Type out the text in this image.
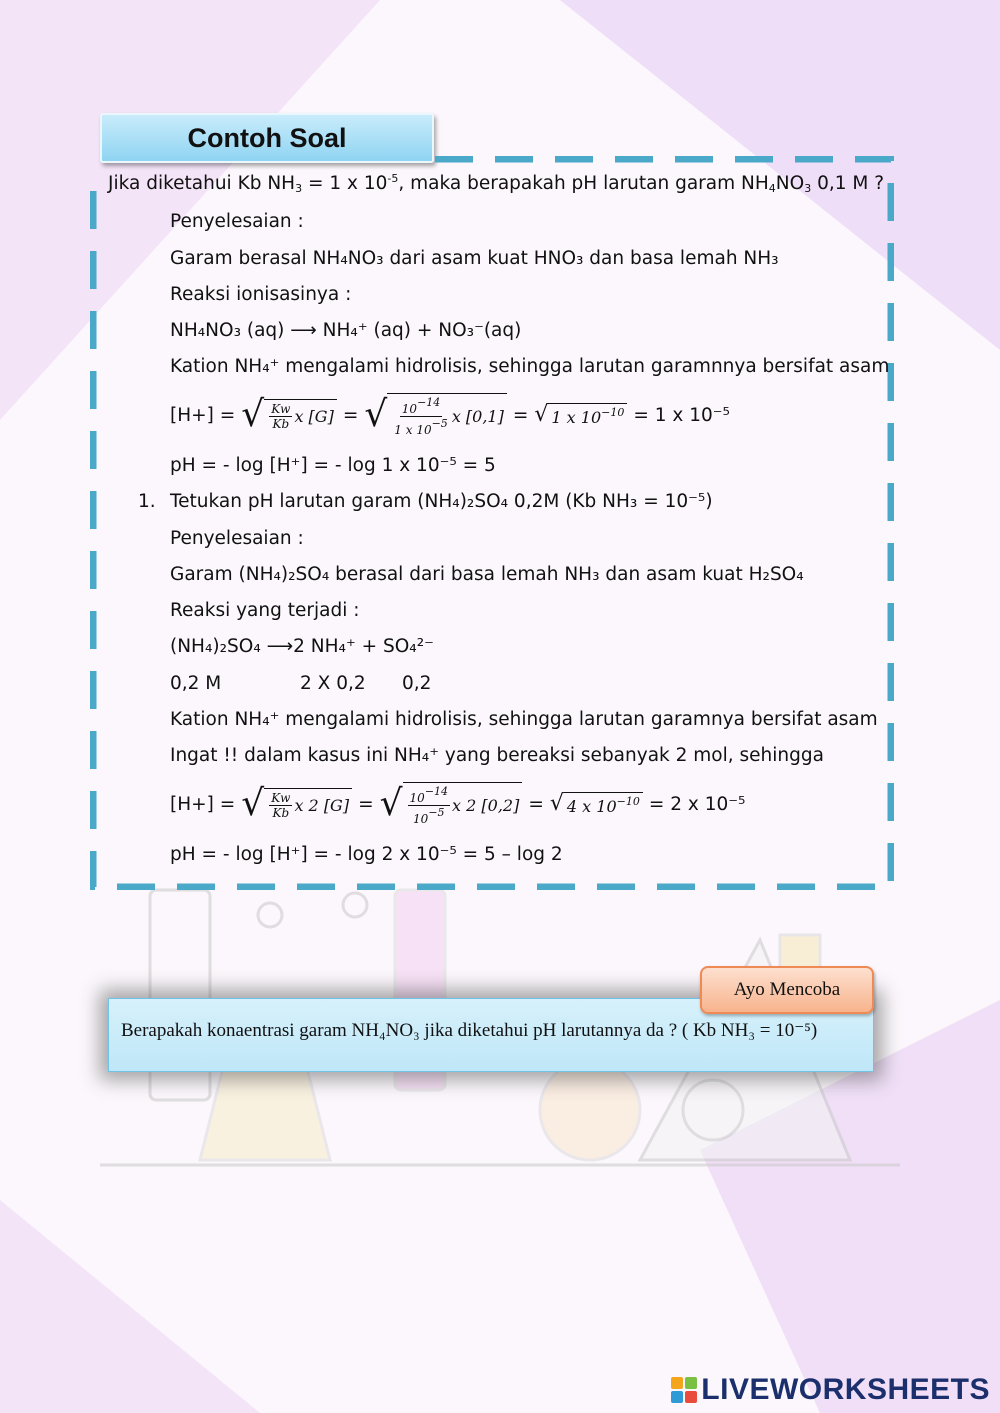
Contoh Soal
Jika diketahui Kb $NH_3 = 1$ x $10^{-5}$, maka berapakah pH larutan garam $NH_4NO_3$ 0,1 M ?
Penyelesaian :
Garam berasal NH₄NO₃ dari asam kuat HNO₃ dan basa lemah NH₃
Reaksi ionisasinya :
NH₄NO₃ (aq) ⟶ NH₄⁺ (aq) + NO₃⁻(aq)
Kation NH₄⁺ mengalami hidrolisis, sehingga larutan garamnnya bersifat asam
[H+] = √ $\frac{Kw}{Kb}$ x [G] = √ $\frac{10^{-14}}{1 x 10^{-5}}$ x [0,1] = √ 1 x $10^{-10} = 1$ x 10⁻⁵
pH = - log [H⁺] = - log 1 x 10⁻⁵ = 5
1. Tetukan pH larutan garam (NH₄)₂SO₄ 0,2M (Kb NH₃ = 10⁻⁵)
Penyelesaian :
Garam (NH₄)₂SO₄ berasal dari basa lemah NH₃ dan asam kuat H₂SO₄
Reaksi yang terjadi :
(NH₄)₂SO₄ ⟶2 NH₄⁺ + SO₄²⁻
0,2 M	2 X 0,2 0,2
Kation NH₄⁺ mengalami hidrolisis, sehingga larutan garamnya bersifat asam
Ingat !! dalam kasus ini NH₄⁺ yang bereaksi sebanyak 2 mol, sehingga
[H+] = √ $\frac{Kw}{Kb}$ x 2 [G] = √ $\frac{10^{-14}}{10^{-5}}$ x 2 [0,2] = √ 4 x $10^{-10} = 2$ x 10⁻⁵
pH = - log [H⁺] = - log 2 x 10⁻⁵ = 5 – log 2
Berapakah konaentrasi garam NH₄NO₃ jika diketahui pH larutannya da ? ( Kb NH₃ = 10⁻⁵)
Ayo Mencoba
LIVEWORKSHEETS
